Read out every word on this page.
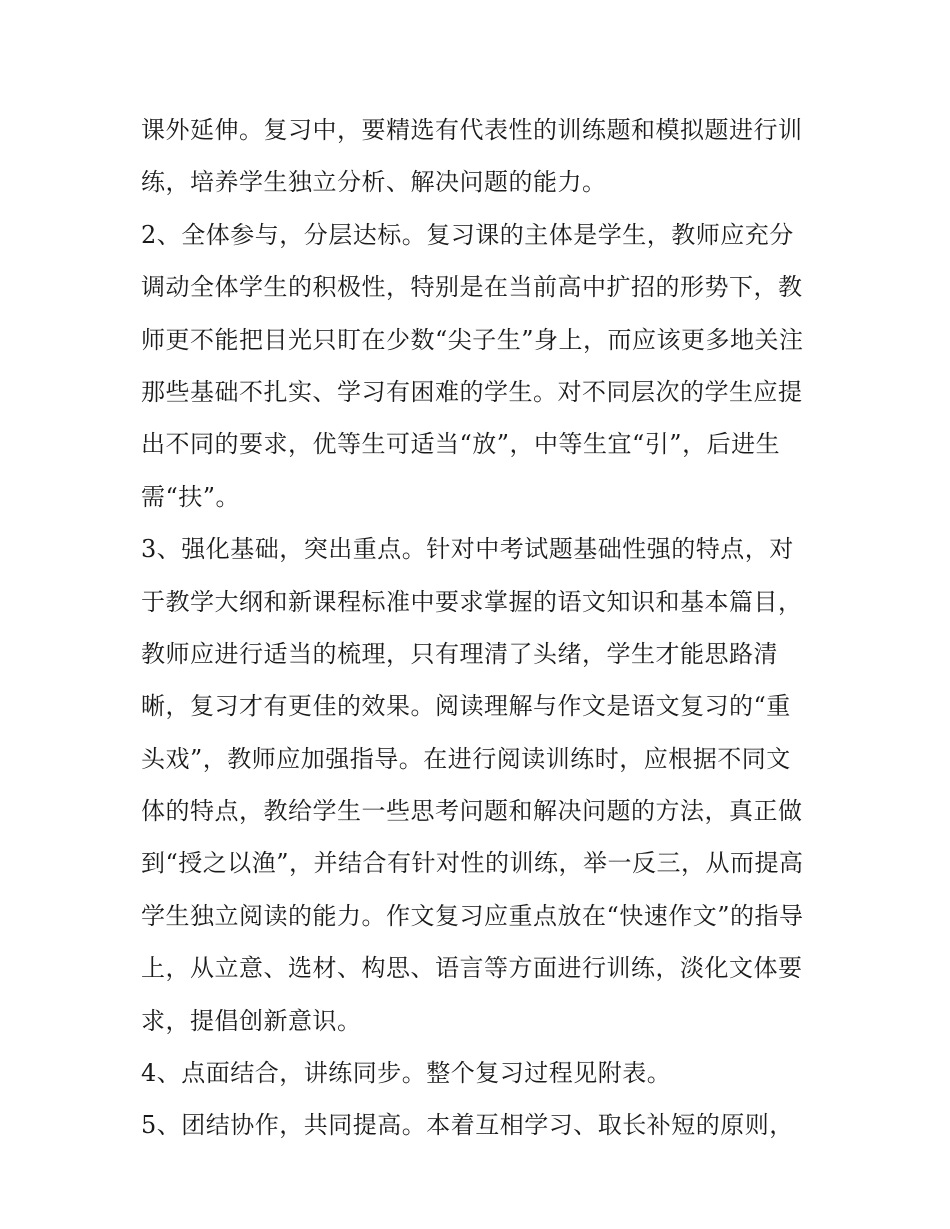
课外延伸。复习中，要精选有代表性的训练题和模拟题进行训
练，培养学生独立分析、解决问题的能力。
2、全体参与，分层达标。复习课的主体是学生，教师应充分
调动全体学生的积极性，特别是在当前高中扩招的形势下，教
师更不能把目光只盯在少数“尖子生”身上，而应该更多地关注
那些基础不扎实、学习有困难的学生。对不同层次的学生应提
出不同的要求，优等生可适当“放”，中等生宜“引”，后进生
需“扶”。
3、强化基础，突出重点。针对中考试题基础性强的特点，对
于教学大纲和新课程标准中要求掌握的语文知识和基本篇目，
教师应进行适当的梳理，只有理清了头绪，学生才能思路清
晰，复习才有更佳的效果。阅读理解与作文是语文复习的“重
头戏”，教师应加强指导。在进行阅读训练时，应根据不同文
体的特点，教给学生一些思考问题和解决问题的方法，真正做
到“授之以渔”，并结合有针对性的训练，举一反三，从而提高
学生独立阅读的能力。作文复习应重点放在“快速作文”的指导
上，从立意、选材、构思、语言等方面进行训练，淡化文体要
求，提倡创新意识。
4、点面结合，讲练同步。整个复习过程见附表。
5、团结协作，共同提高。本着互相学习、取长补短的原则，
